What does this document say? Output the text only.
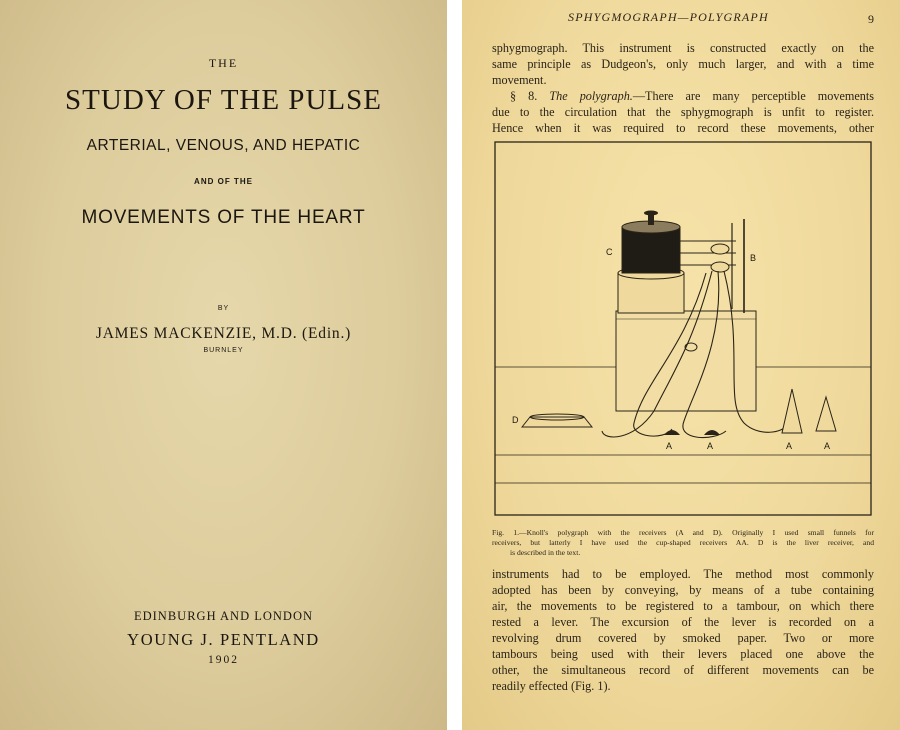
THE
STUDY OF THE PULSE
ARTERIAL, VENOUS, AND HEPATIC
AND OF THE
MOVEMENTS OF THE HEART
BY
JAMES MACKENZIE, M.D. (Edin.)
BURNLEY
EDINBURGH AND LONDON
YOUNG J. PENTLAND
1902
SPHYGMOGRAPH—POLYGRAPH	9
sphygmograph. This instrument is constructed exactly on the
same principle as Dudgeon's, only much larger, and with a time
movement.
§ 8. The polygraph.—There are many perceptible movements
due to the circulation that the sphygmograph is unfit to register.
Hence when it was required to record these movements, other
C
B
D
A	A	A	A
Fig. 1.—Knoll's polygraph with the receivers (A and D). Originally I used small funnels for
receivers, but latterly I have used the cup-shaped receivers AA. D is the liver receiver, and
is described in the text.
instruments had to be employed. The method most commonly
adopted has been by conveying, by means of a tube containing
air, the movements to be registered to a tambour, on which there
rested a lever. The excursion of the lever is recorded on a
revolving drum covered by smoked paper. Two or more
tambours being used with their levers placed one above the
other, the simultaneous record of different movements can be
readily effected (Fig. 1).
